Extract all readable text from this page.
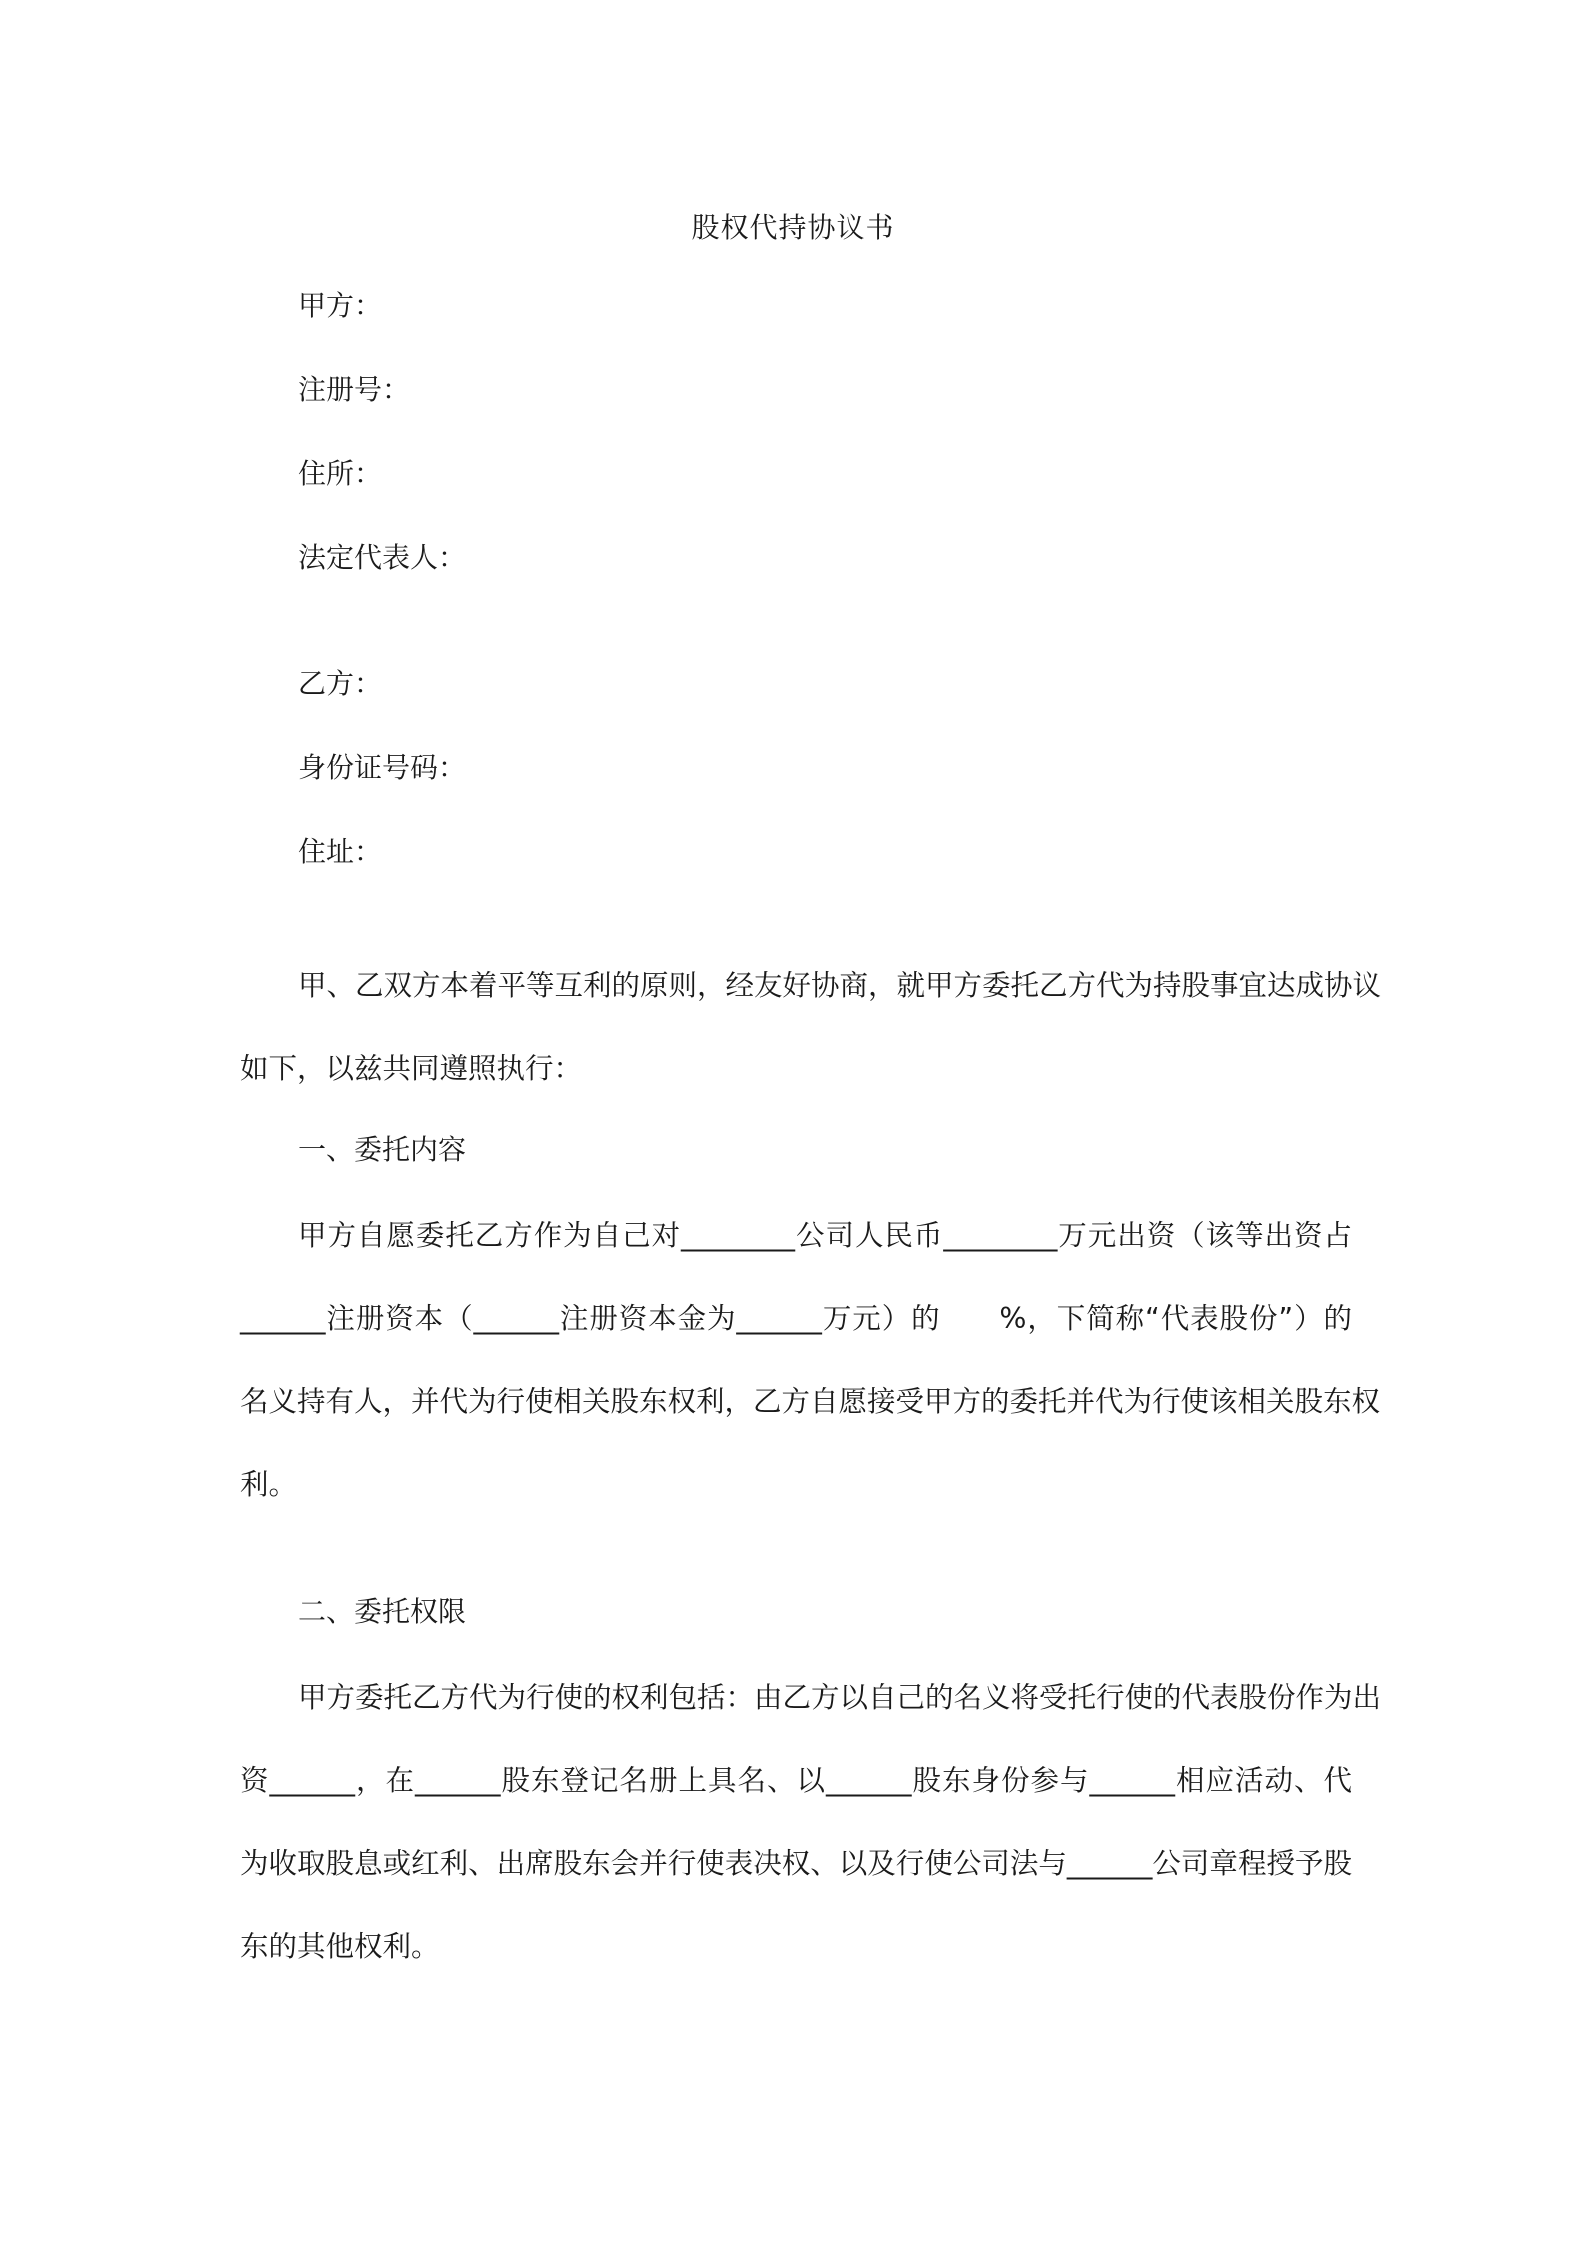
股权代持协议书
甲方：
注册号：
住所：
法定代表人：
乙方：
身份证号码：
住址：
甲、乙双方本着平等互利的原则，经友好协商，就甲方委托乙方代为持股事宜达成协议
如下，以兹共同遵照执行：
一、委托内容
甲方自愿委托乙方作为自己对________公司人民币________万元出资（该等出资占
______注册资本（______注册资本金为______万元）的　　%，下简称“代表股份”）的
名义持有人，并代为行使相关股东权利，乙方自愿接受甲方的委托并代为行使该相关股东权
利。
二、委托权限
甲方委托乙方代为行使的权利包括：由乙方以自己的名义将受托行使的代表股份作为出
资______，在______股东登记名册上具名、以______股东身份参与______相应活动、代
为收取股息或红利、出席股东会并行使表决权、以及行使公司法与______公司章程授予股
东的其他权利。
